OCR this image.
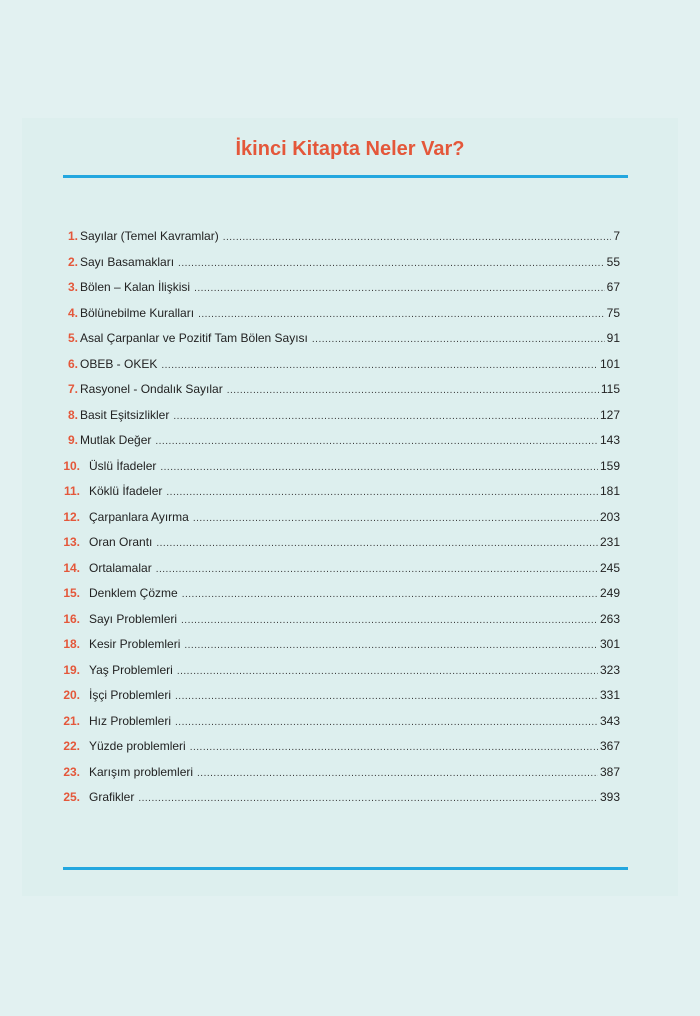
İkinci Kitapta Neler Var?
1. Sayılar (Temel Kavramlar) .....	7
2. Sayı Basamakları .....	55
3. Bölen – Kalan İlişkisi .....	67
4. Bölünebilme Kuralları .....	75
5. Asal Çarpanlar ve Pozitif Tam Bölen Sayısı .....	91
6. OBEB - OKEK .....	101
7. Rasyonel - Ondalık Sayılar .....	115
8. Basit Eşitsizlikler .....	127
9. Mutlak Değer .....	143
10. Üslü İfadeler .....	159
11. Köklü İfadeler .....	181
12. Çarpanlara Ayırma .....	203
13. Oran Orantı .....	231
14. Ortalamalar .....	245
15. Denklem Çözme .....	249
16. Sayı Problemleri .....	263
18. Kesir Problemleri .....	301
19. Yaş Problemleri .....	323
20. İşçi Problemleri .....	331
21. Hız Problemleri .....	343
22. Yüzde problemleri .....	367
23. Karışım problemleri .....	387
25. Grafikler .....	393
